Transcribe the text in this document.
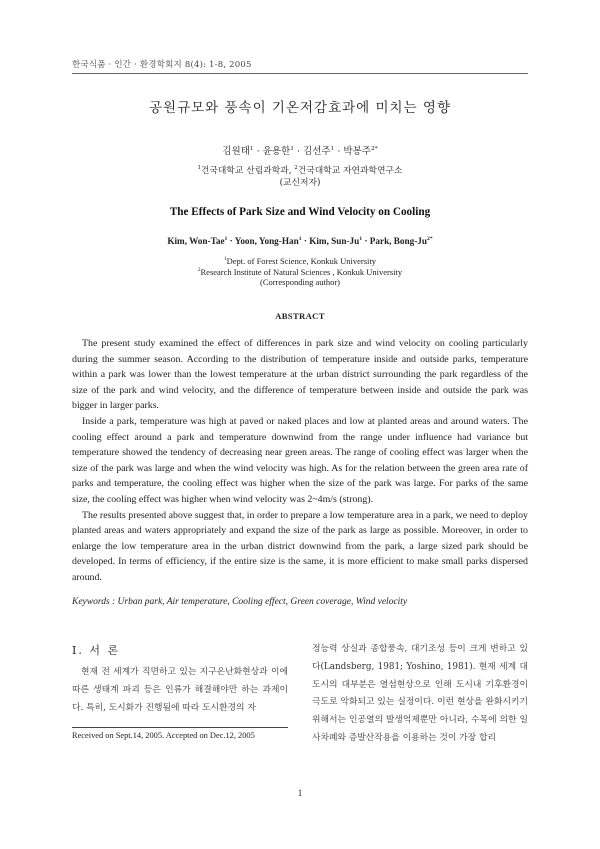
한국식품 · 인간 · 환경학회지 8(4): 1-8, 2005
공원규모와 풍속이 기온저감효과에 미치는 영향
김원태$^1$ · 윤용한$^1$ · 김선주$^1$ · 박봉주$^{2*}$
$^1$건국대학교 산림과학과, $^2$건국대학교 자연과학연구소
(교신저자)
The Effects of Park Size and Wind Velocity on Cooling
Kim, Won-Tae$^1$ · Yoon, Yong-Han$^1$ · Kim, Sun-$Ju^1$ · Park, Bong-$Ju^{2*}$
$^1$Dept. of Forest Science, Konkuk University
$^2$Research Institute of Natural Sciences , Konkuk University
(Corresponding author)
ABSTRACT

The present study examined the effect of differences in park size and wind velocity on cooling particularly during the summer season. According to the distribution of temperature inside and outside parks, temperature within a park was lower than the lowest temperature at the urban district surrounding the park regardless of the size of the park and wind velocity, and the difference of temperature between inside and outside the park was bigger in larger parks.

Inside a park, temperature was high at paved or naked places and low at planted areas and around waters. The cooling effect around a park and temperature downwind from the range under influence had variance but temperature showed the tendency of decreasing near green areas. The range of cooling effect was larger when the size of the park was large and when the wind velocity was high. As for the relation between the green area rate of parks and temperature, the cooling effect was higher when the size of the park was large. For parks of the same size, the cooling effect was higher when wind velocity was 2~4m/s (strong).

The results presented above suggest that, in order to prepare a low temperature area in a park, we need to deploy planted areas and waters appropriately and expand the size of the park as large as possible. Moreover, in order to enlarge the low temperature area in the urban district downwind from the park, a large sized park should be developed. In terms of efficiency, if the entire size is the same, it is more efficient to make small parks dispersed around.

Keywords : Urban park, Air temperature, Cooling effect, Green coverage, Wind velocity
Ⅰ. 서 론
현재 전 세계가 직면하고 있는 지구온난화현상과 이에 따른 생태계 파괴 등은 인류가 해결해야만 하는 과제이다. 특히, 도시화가 진행됨에 따라 도시환경의 자
Received on Sept.14, 2005. Accepted on Dec.12, 2005
정능력 상실과 종합풍속, 대기조성 등이 크게 변하고 있다(Landsberg, 1981; Yoshino, 1981). 현재 세계 대도시의 대부분은 열섬현상으로 인해 도시내 기후환경이 극도로 악화되고 있는 실정이다. 이런 현상을 완화시키기 위해서는 인공열의 발생억제뿐만 아니라, 수목에 의한 일사차폐와 증발산작용을 이용하는 것이 가장 합리
1
